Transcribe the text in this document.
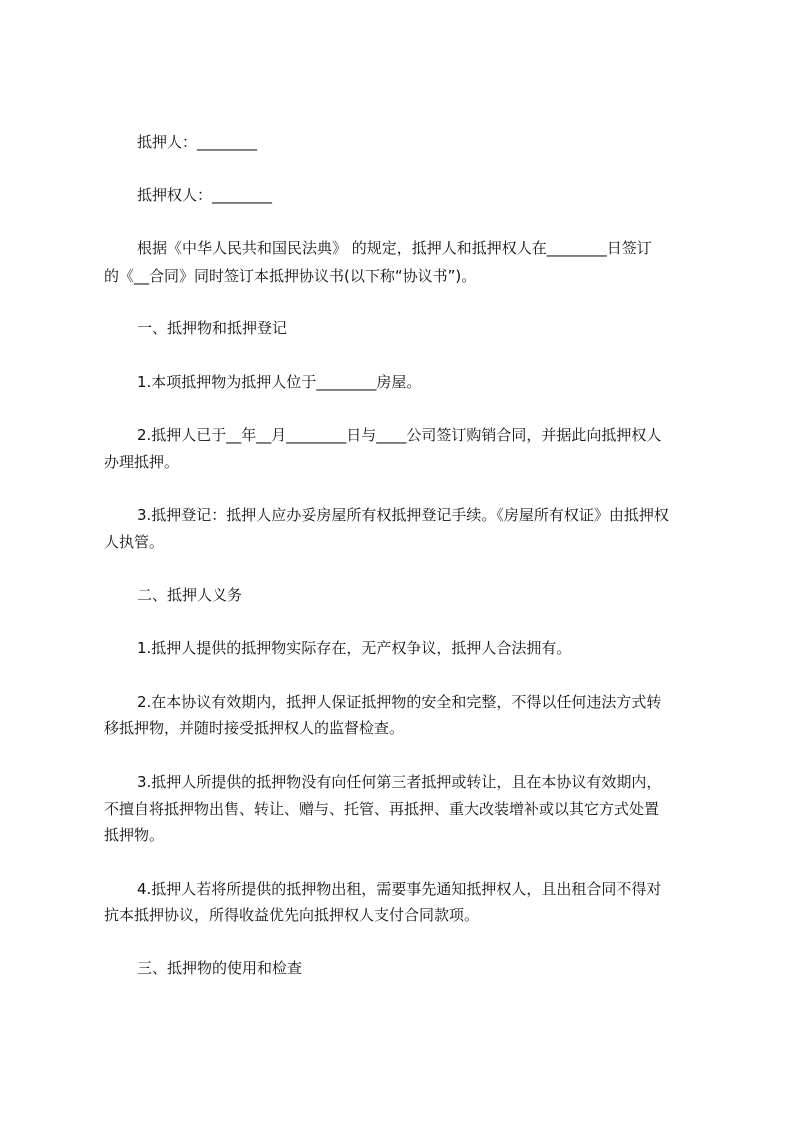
抵押人：________
抵押权人：________
根据《中华人民共和国民法典》 的规定，抵押人和抵押权人在________日签订
的《__合同》同时签订本抵押协议书(以下称“协议书”)。
一、抵押物和抵押登记
1.本项抵押物为抵押人位于________房屋。
2.抵押人已于__年__月________日与____公司签订购销合同，并据此向抵押权人
办理抵押。
3.抵押登记：抵押人应办妥房屋所有权抵押登记手续。《房屋所有权证》由抵押权
人执管。
二、抵押人义务
1.抵押人提供的抵押物实际存在，无产权争议，抵押人合法拥有。
2.在本协议有效期内，抵押人保证抵押物的安全和完整，不得以任何违法方式转
移抵押物，并随时接受抵押权人的监督检查。
3.抵押人所提供的抵押物没有向任何第三者抵押或转让，且在本协议有效期内，
不擅自将抵押物出售、转让、赠与、托管、再抵押、重大改装增补或以其它方式处置
抵押物。
4.抵押人若将所提供的抵押物出租，需要事先通知抵押权人，且出租合同不得对
抗本抵押协议，所得收益优先向抵押权人支付合同款项。
三、抵押物的使用和检查
